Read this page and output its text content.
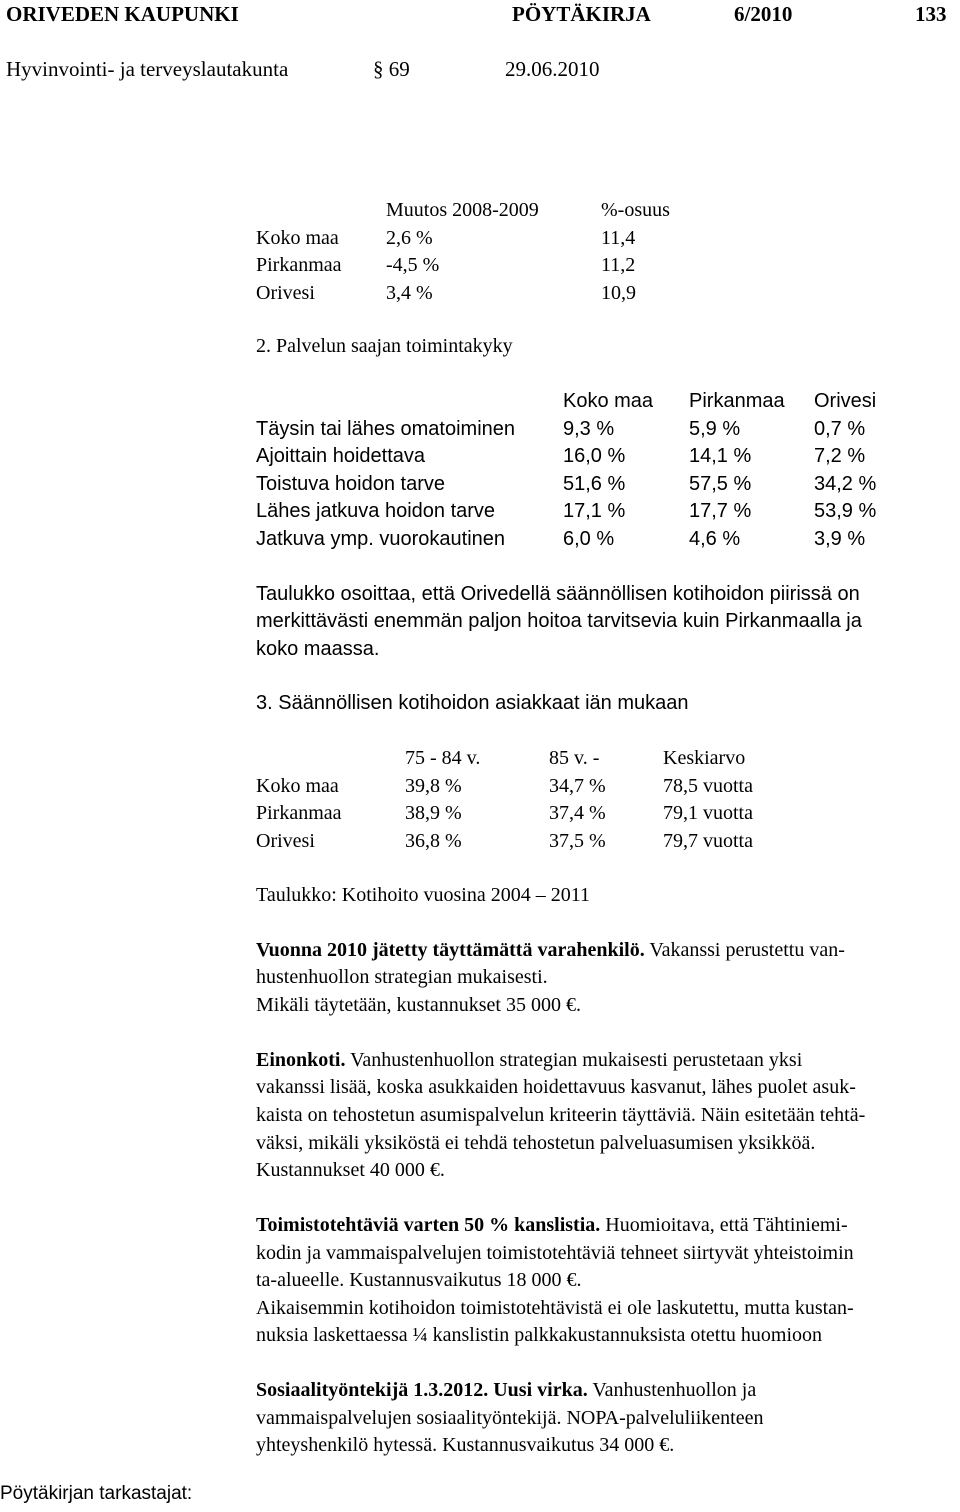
ORIVEDEN KAUPUNKI	PÖYTÄKIRJA	6/2010	133
Hyvinvointi- ja terveyslautakunta	§ 69	29.06.2010
	Muutos 2008-2009	%-osuus
Koko maa	2,6 %	11,4
Pirkanmaa	-4,5 %	11,2
Orivesi	3,4 %	10,9
2. Palvelun saajan toimintakyky
	Koko maa	Pirkanmaa	Orivesi
Täysin tai lähes omatoiminen	9,3 %	5,9 %	0,7 %
Ajoittain hoidettava	16,0 %	14,1 %	7,2 %
Toistuva hoidon tarve	51,6 %	57,5 %	34,2 %
Lähes jatkuva hoidon tarve	17,1 %	17,7 %	53,9 %
Jatkuva ymp. vuorokautinen	6,0 %	4,6 %	3,9 %
Taulukko osoittaa, että Orivedellä säännöllisen kotihoidon piirissä on
merkittävästi enemmän paljon hoitoa tarvitsevia kuin Pirkanmaalla ja
koko maassa.
3. Säännöllisen kotihoidon asiakkaat iän mukaan
	75 - 84 v.	85 v. -	Keskiarvo
Koko maa	39,8 %	34,7 %	78,5 vuotta
Pirkanmaa	38,9 %	37,4 %	79,1 vuotta
Orivesi	36,8 %	37,5 %	79,7 vuotta
Taulukko: Kotihoito vuosina 2004 – 2011
Vuonna 2010 jätetty täyttämättä varahenkilö. Vakanssi perustettu van-
hustenhuollon strategian mukaisesti.
Mikäli täytetään, kustannukset 35 000 €.
Einonkoti. Vanhustenhuollon strategian mukaisesti perustetaan yksi
vakanssi lisää, koska asukkaiden hoidettavuus kasvanut, lähes puolet asuk-
kaista on tehostetun asumispalvelun kriteerin täyttäviä. Näin esitetään tehtä-
väksi, mikäli yksiköstä ei tehdä tehostetun palveluasumisen yksikköä.
Kustannukset 40 000 €.
Toimistotehtäviä varten 50 % kanslistia. Huomioitava, että Tähtiniemi-
kodin ja vammaispalvelujen toimistotehtäviä tehneet siirtyvät yhteistoimin
ta-alueelle. Kustannusvaikutus 18 000 €.
Aikaisemmin kotihoidon toimistotehtävistä ei ole laskutettu, mutta kustan-
nuksia laskettaessa ¼ kanslistin palkkakustannuksista otettu huomioon
Sosiaalityöntekijä 1.3.2012. Uusi virka. Vanhustenhuollon ja
vammaispalvelujen sosiaalityöntekijä. NOPA-palveluliikenteen
yhteyshenkilö hytessä. Kustannusvaikutus 34 000 €.
Pöytäkirjan tarkastajat:
